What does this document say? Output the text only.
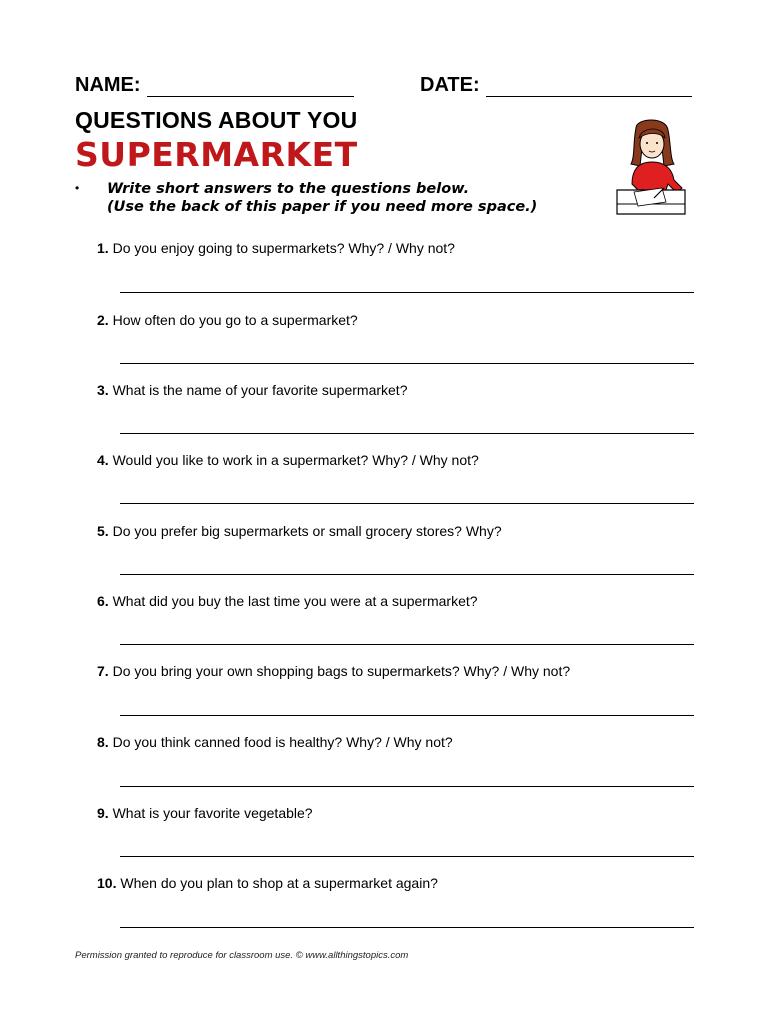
NAME:	DATE:
QUESTIONS ABOUT YOU
SUPERMARKET
• Write short answers to the questions below.
(Use the back of this paper if you need more space.)
1. Do you enjoy going to supermarkets? Why? / Why not?
2. How often do you go to a supermarket?
3. What is the name of your favorite supermarket?
4. Would you like to work in a supermarket? Why? / Why not?
5. Do you prefer big supermarkets or small grocery stores? Why?
6. What did you buy the last time you were at a supermarket?
7. Do you bring your own shopping bags to supermarkets? Why? / Why not?
8. Do you think canned food is healthy? Why? / Why not?
9. What is your favorite vegetable?
10. When do you plan to shop at a supermarket again?
Permission granted to reproduce for classroom use. © www.allthingstopics.com
